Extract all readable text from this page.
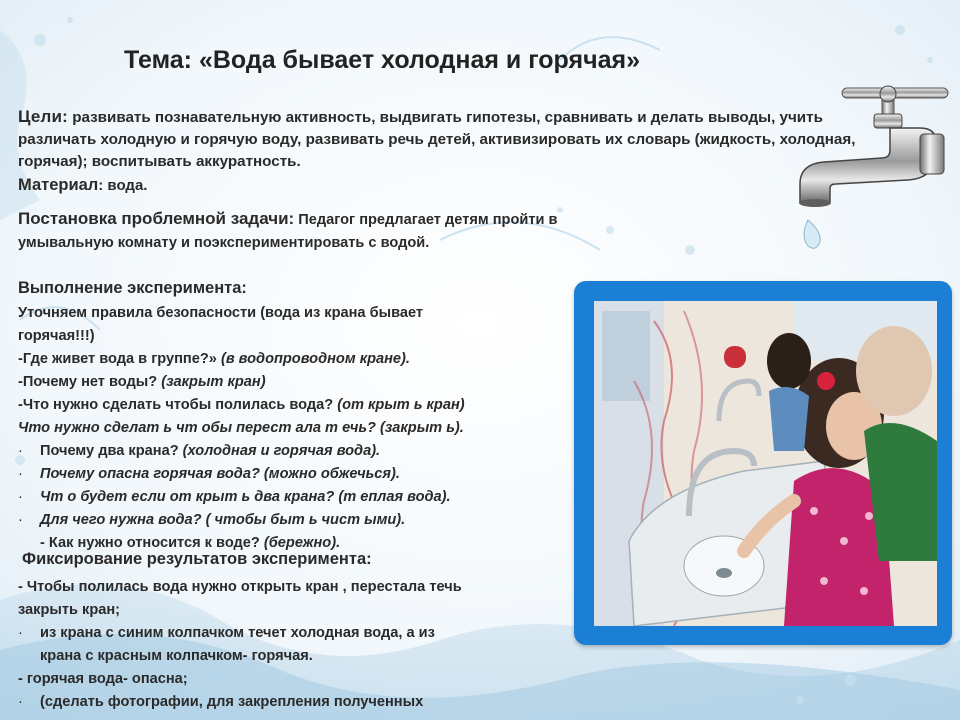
Тема: «Вода бывает холодная и горячая»
Цели: развивать познавательную активность, выдвигать гипотезы, сравнивать и делать выводы, учить различать холодную и горячую воду, развивать речь детей, активизировать их словарь (жидкость, холодная, горячая); воспитывать аккуратность.
Материал: вода.
Постановка проблемной задачи: Педагог предлагает детям пройти в умывальную комнату и поэкспериментировать с водой.
Выполнение эксперимента:
Уточняем правила безопасности (вода из крана бывает
горячая!!!)
-Где живет вода в группе?» (в водопроводном кране).
-Почему нет воды? (закрыт кран)
-Что нужно сделать чтобы полилась вода? (от крыт ь кран)
Что нужно сделат ь чт обы перест ала т ечь? (закрыт ь).
· Почему два крана? (холодная и горячая вода).
· Почему опасна горячая вода? (можно обжечься).
· Чт о будет если от крыт ь два крана? (т еплая вода).
· Для чего нужна вода? ( чтобы быт ь чист ыми).
- Как нужно относится к воде? (бережно).
Фиксирование результатов эксперимента:
- Чтобы полилась вода нужно открыть кран , перестала течь
закрыть кран;
· из крана с синим колпачком течет холодная вода, а из
крана с красным колпачком- горячая.
- горячая вода- опасна;
· (сделать фотографии, для закрепления полученных
